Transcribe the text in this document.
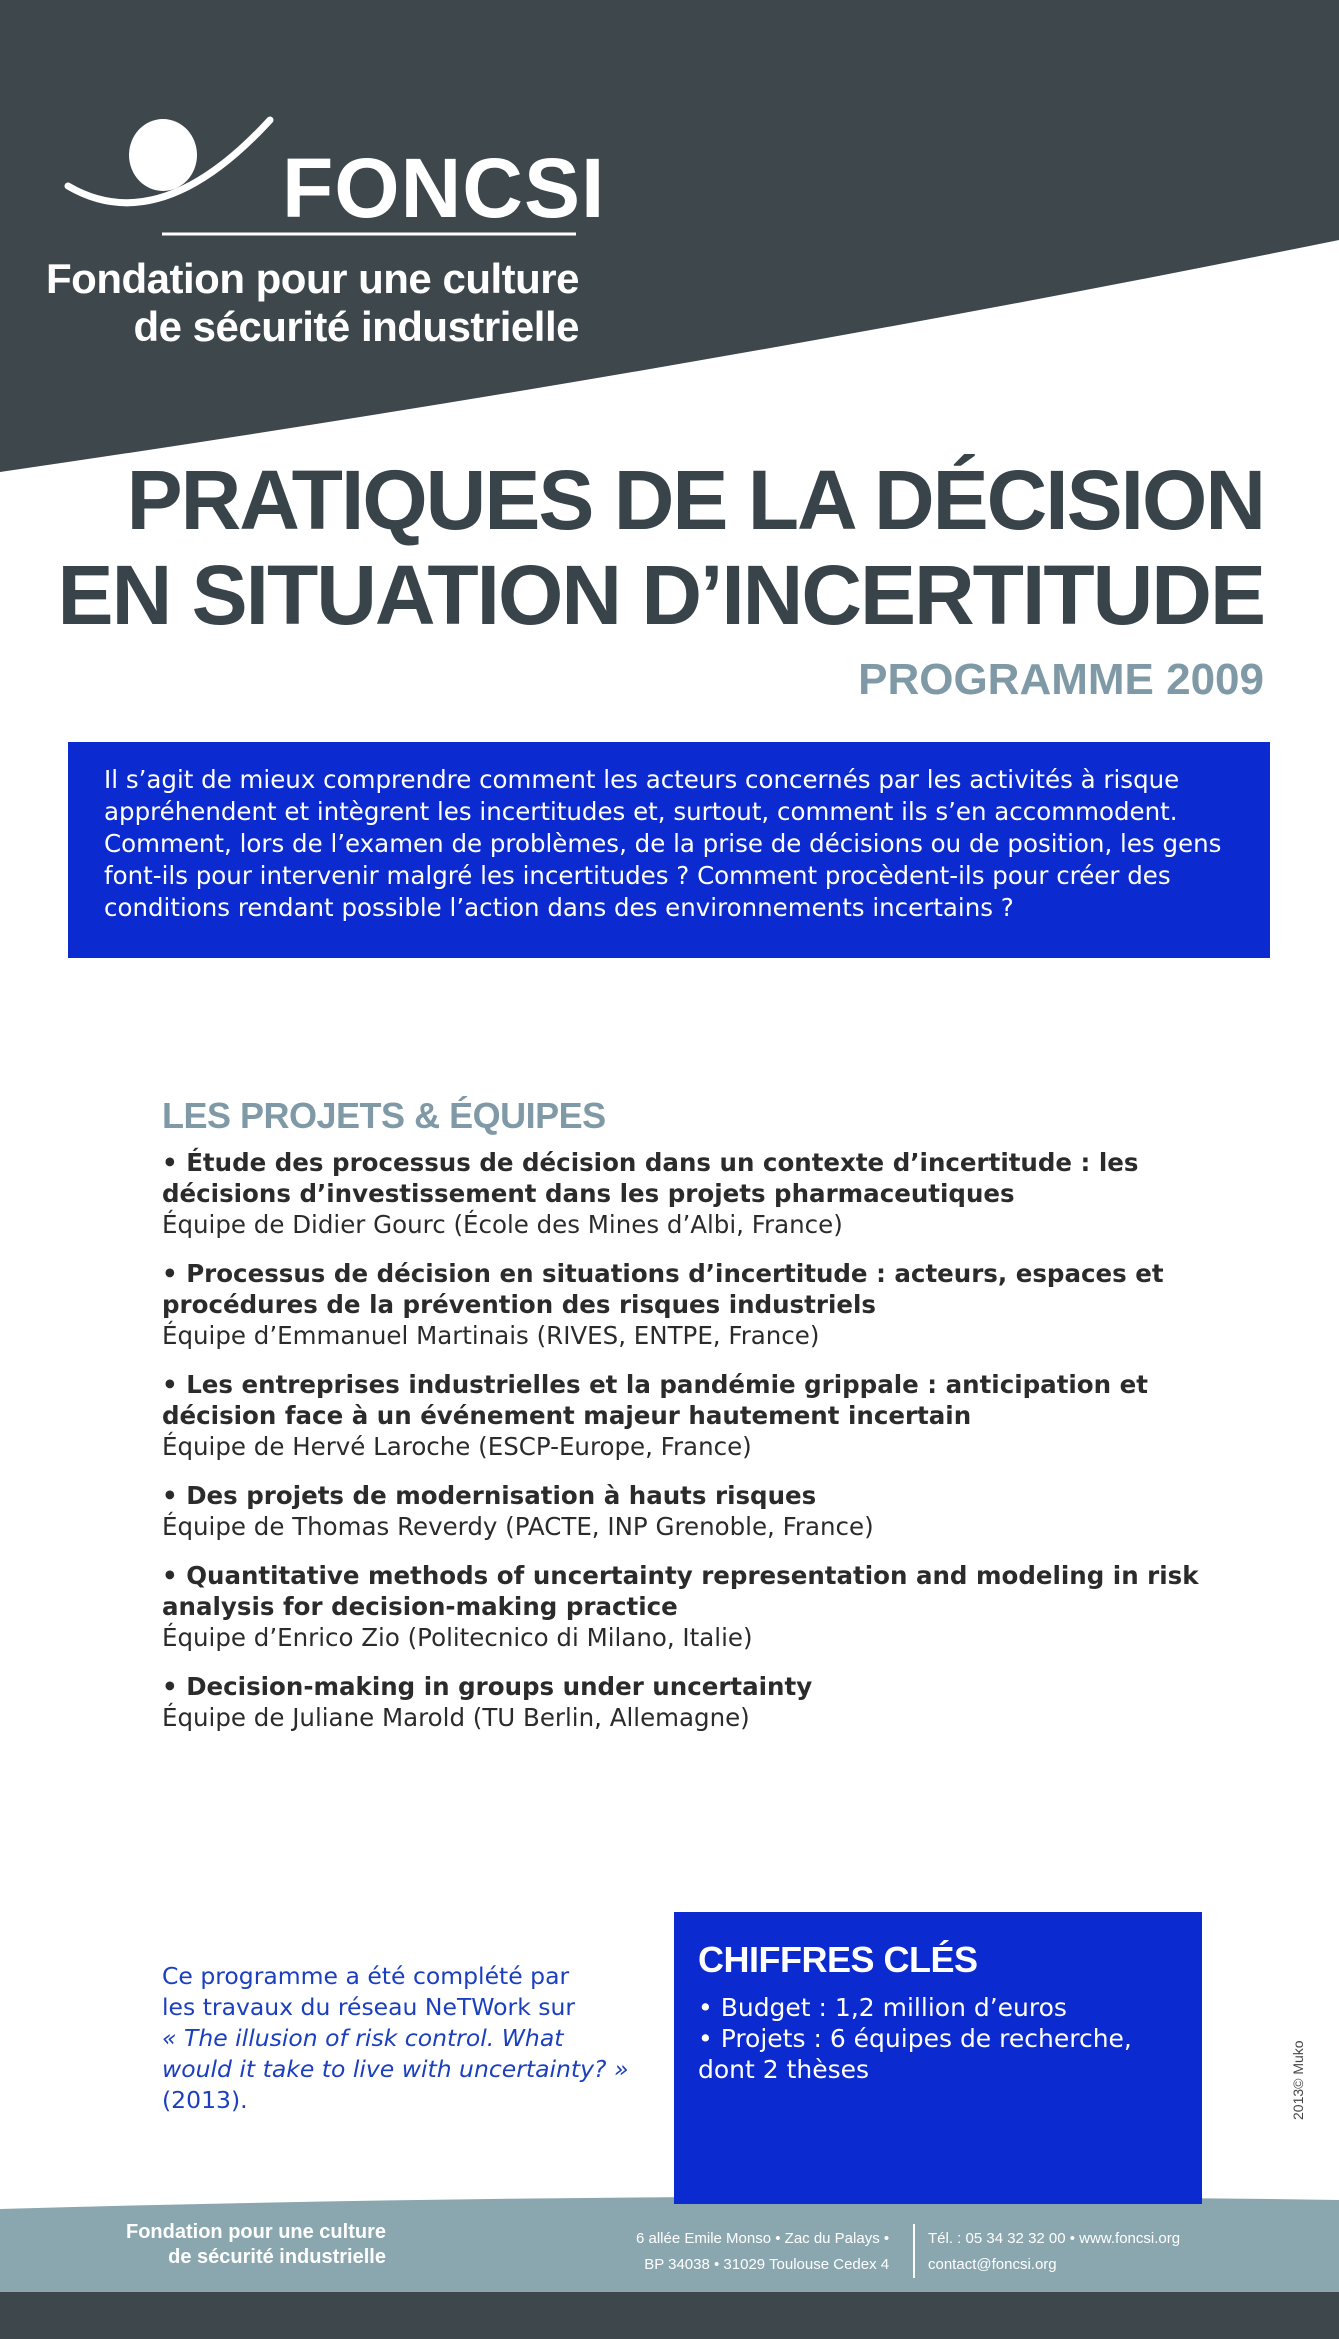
FONCSI
Fondation pour une culture
de sécurité industrielle
PRATIQUES DE LA DÉCISION
EN SITUATION D’INCERTITUDE
PROGRAMME 2009

Il s’agit de mieux comprendre comment les acteurs concernés par les activités à risque appréhendent et intègrent les incertitudes et, surtout, comment ils s’en accommodent. Comment, lors de l’examen de problèmes, de la prise de décisions ou de position, les gens font-ils pour intervenir malgré les incertitudes ? Comment procèdent-ils pour créer des conditions rendant possible l’action dans des environnements incertains ?

LES PROJETS & ÉQUIPES
• Étude des processus de décision dans un contexte d’incertitude : les décisions d’investissement dans les projets pharmaceutiques
Équipe de Didier Gourc (École des Mines d’Albi, France)
• Processus de décision en situations d’incertitude : acteurs, espaces et procédures de la prévention des risques industriels
Équipe d’Emmanuel Martinais (RIVES, ENTPE, France)
• Les entreprises industrielles et la pandémie grippale : anticipation et décision face à un événement majeur hautement incertain
Équipe de Hervé Laroche (ESCP-Europe, France)
• Des projets de modernisation à hauts risques
Équipe de Thomas Reverdy (PACTE, INP Grenoble, France)
• Quantitative methods of uncertainty representation and modeling in risk analysis for decision-making practice
Équipe d’Enrico Zio (Politecnico di Milano, Italie)
• Decision-making in groups under uncertainty
Équipe de Juliane Marold (TU Berlin, Allemagne)

Ce programme a été complété par

les travaux du réseau NeTWork sur

« The illusion of risk control. What

would it take to live with uncertainty? »

(2013).

CHIFFRES CLÉS
• Budget : 1,2 million d’euros
• Projets : 6 équipes de recherche,
dont 2 thèses	2013© Muko
Fondation pour une culture
de sécurité industrielle
6 allée Emile Monso • Zac du Palays •
BP 34038 • 31029 Toulouse Cedex 4
Tél. : 05 34 32 32 00 • www.foncsi.org
contact@foncsi.org
